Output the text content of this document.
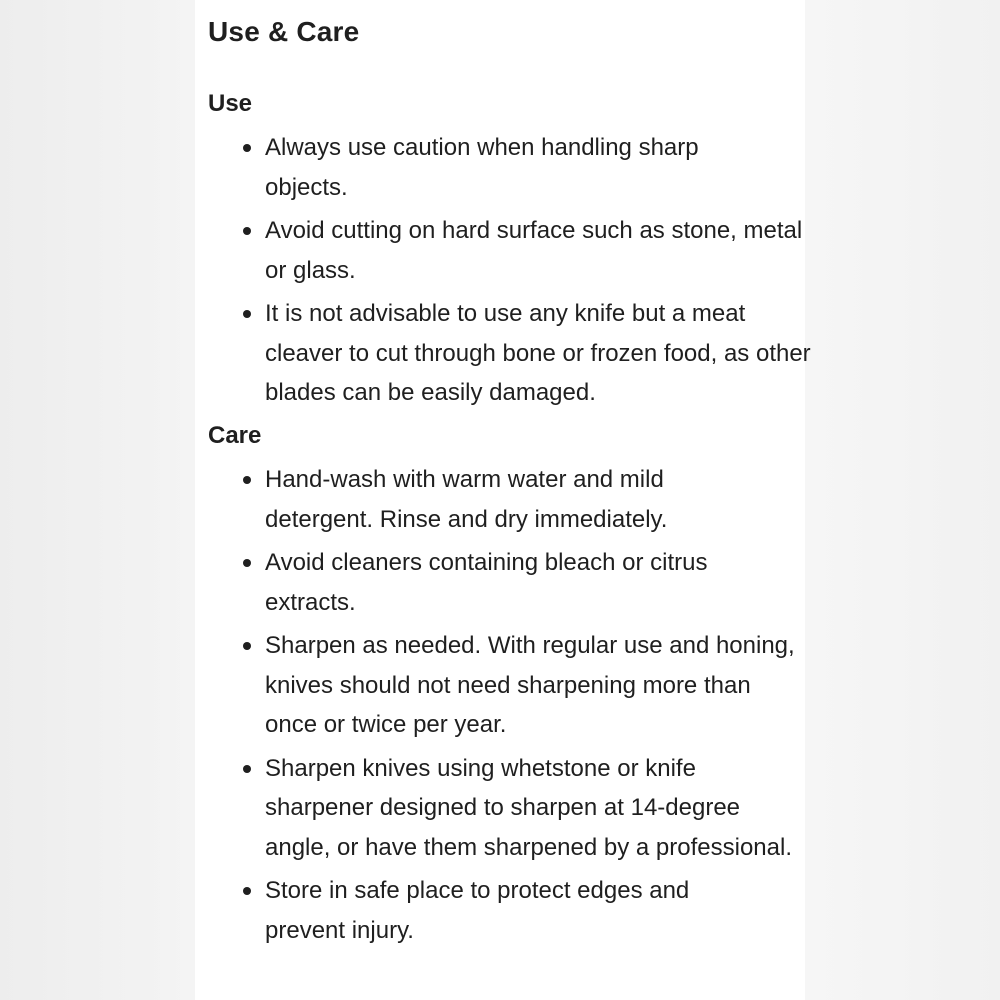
Use & Care
Use
Always use caution when handling sharp objects.
Avoid cutting on hard surface such as stone, metal or glass.
It is not advisable to use any knife but a meat cleaver to cut through bone or frozen food, as other blades can be easily damaged.
Care
Hand-wash with warm water and mild detergent. Rinse and dry immediately.
Avoid cleaners containing bleach or citrus extracts.
Sharpen as needed. With regular use and honing, knives should not need sharpening more than once or twice per year.
Sharpen knives using whetstone or knife sharpener designed to sharpen at 14-degree angle, or have them sharpened by a professional.
Store in safe place to protect edges and prevent injury.
